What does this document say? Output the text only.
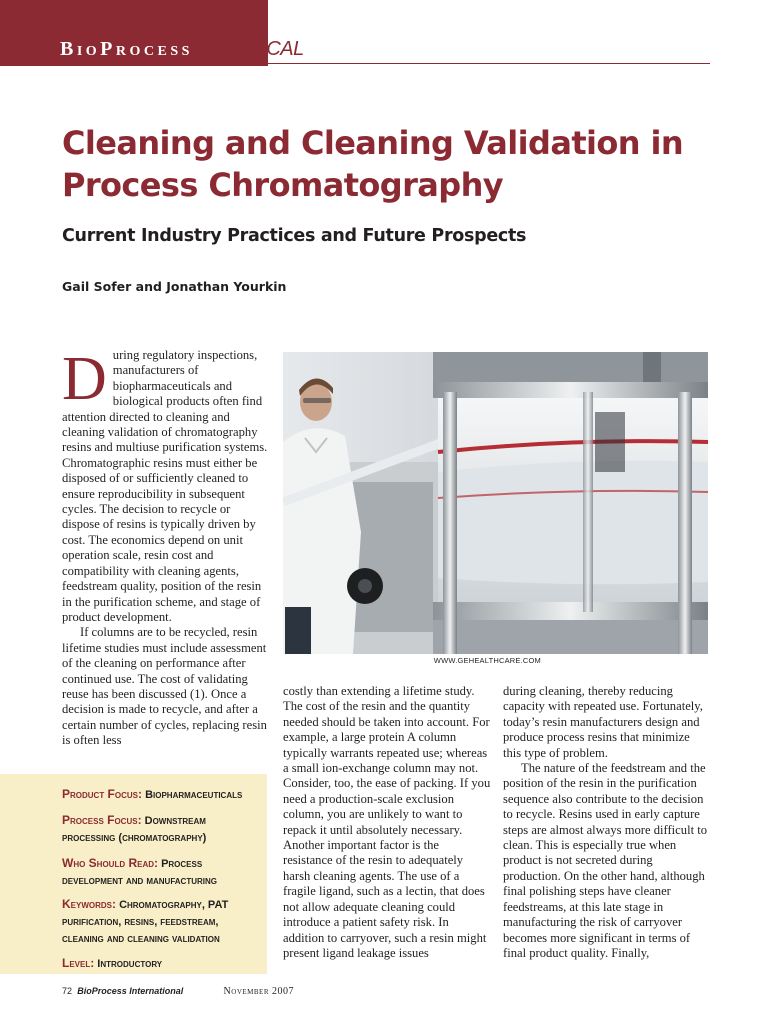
BioProcess TECHNICAL
Cleaning and Cleaning Validation in Process Chromatography
Current Industry Practices and Future Prospects
Gail Sofer and Jonathan Yourkin

During regulatory inspections, manufacturers of biopharmaceuticals and biological products often find attention directed to cleaning and cleaning validation of chromatography resins and multiuse purification systems. Chromatographic resins must either be disposed of or sufficiently cleaned to ensure reproducibility in subsequent cycles. The decision to recycle or dispose of resins is typically driven by cost. The economics depend on unit operation scale, resin cost and compatibility with cleaning agents, feedstream quality, position of the resin in the purification scheme, and stage of product development.

If columns are to be recycled, resin lifetime studies must include assessment of the cleaning on performance after continued use. The cost of validating reuse has been discussed (1). Once a decision is made to recycle, and after a certain number of cycles, replacing resin is often less

WWW.GEHEALTHCARE.COM

costly than extending a lifetime study. The cost of the resin and the quantity needed should be taken into account. For example, a large protein A column typically warrants repeated use; whereas a small ion-exchange column may not. Consider, too, the ease of packing. If you need a production-scale exclusion column, you are unlikely to want to repack it until absolutely necessary. Another important factor is the resistance of the resin to adequately harsh cleaning agents. The use of a fragile ligand, such as a lectin, that does not allow adequate cleaning could introduce a patient safety risk. In addition to carryover, such a resin might present ligand leakage issues

during cleaning, thereby reducing capacity with repeated use. Fortunately, today’s resin manufacturers design and produce process resins that minimize this type of problem.

The nature of the feedstream and the position of the resin in the purification sequence also contribute to the decision to recycle. Resins used in early capture steps are almost always more difficult to clean. This is especially true when product is not secreted during production. On the other hand, although final polishing steps have cleaner feedstreams, at this late stage in manufacturing the risk of carryover becomes more significant in terms of final product quality. Finally,

Product Focus: Biopharmaceuticals
Process Focus: Downstream processing (chromatography)
Who Should Read: Process development and manufacturing
Keywords: Chromatography, PAT purification, resins, feedstream, cleaning and cleaning validation
Level: Introductory
72 BioProcess International	November 2007
